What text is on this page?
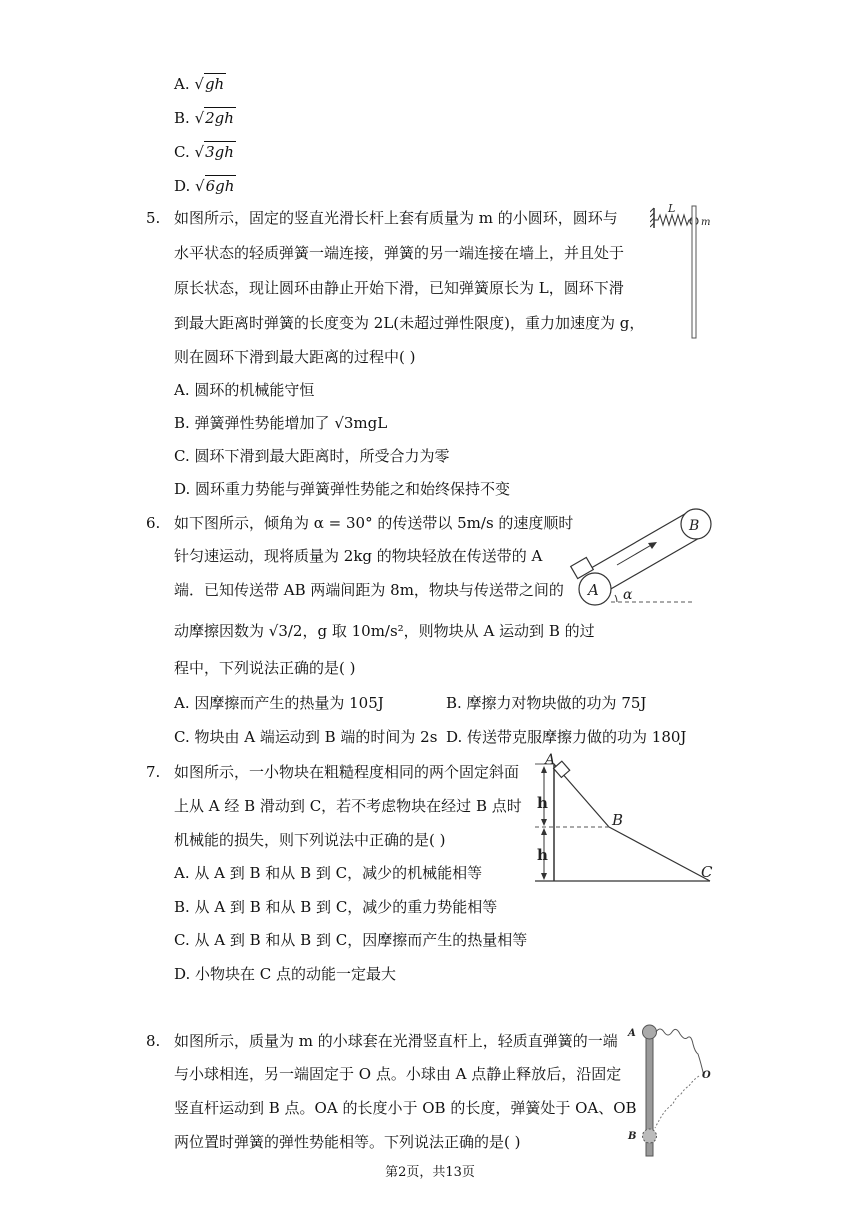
A. √gh
B. √2gh
C. √3gh
D. √6gh
5. 如图所示，固定的竖直光滑长杆上套有质量为 m 的小圆环，圆环与
水平状态的轻质弹簧一端连接，弹簧的另一端连接在墙上，并且处于
原长状态，现让圆环由静止开始下滑，已知弹簧原长为 L，圆环下滑
到最大距离时弹簧的长度变为 2L(未超过弹性限度)，重力加速度为 g，
则在圆环下滑到最大距离的过程中( )
A. 圆环的机械能守恒
B. 弹簧弹性势能增加了 √3mgL
C. 圆环下滑到最大距离时，所受合力为零
D. 圆环重力势能与弹簧弹性势能之和始终保持不变
L
m
6. 如下图所示，倾角为 α = 30° 的传送带以 5m/s 的速度顺时
针匀速运动，现将质量为 2kg 的物块轻放在传送带的 A
端．已知传送带 AB 两端间距为 8m，物块与传送带之间的
动摩擦因数为 √3/2，g 取 10m/s²，则物块从 A 运动到 B 的过
程中，下列说法正确的是( )
A. 因摩擦而产生的热量为 105J	B. 摩擦力对物块做的功为 75J
C. 物块由 A 端运动到 B 端的时间为 2s D. 传送带克服摩擦力做的功为 180J
A
B
α
7. 如图所示，一小物块在粗糙程度相同的两个固定斜面
上从 A 经 B 滑动到 C，若不考虑物块在经过 B 点时
机械能的损失，则下列说法中正确的是( )
A. 从 A 到 B 和从 B 到 C，减少的机械能相等
B. 从 A 到 B 和从 B 到 C，减少的重力势能相等
C. 从 A 到 B 和从 B 到 C，因摩擦而产生的热量相等
D. 小物块在 C 点的动能一定最大
h
h
A
B
C
8. 如图所示，质量为 m 的小球套在光滑竖直杆上，轻质直弹簧的一端
与小球相连，另一端固定于 O 点。小球由 A 点静止释放后，沿固定
竖直杆运动到 B 点。OA 的长度小于 OB 的长度，弹簧处于 OA、OB
两位置时弹簧的弹性势能相等。下列说法正确的是( )
A
O
B
第2页，共13页
